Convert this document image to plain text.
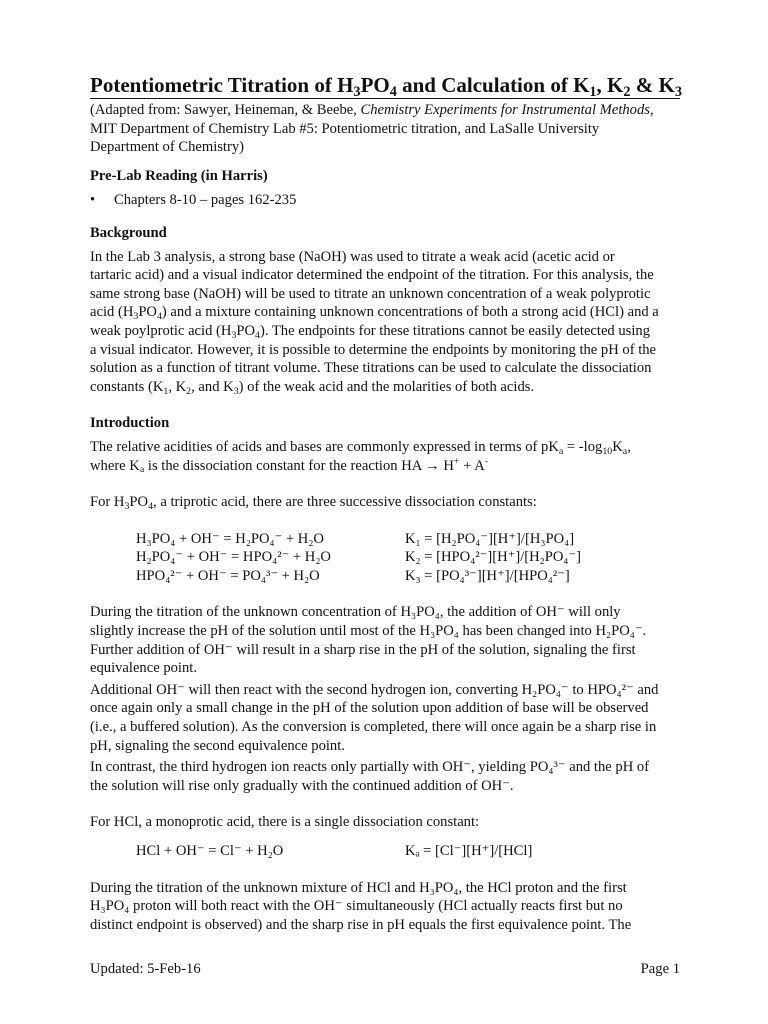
Potentiometric Titration of $H_3PO_4$ and Calculation of $K_1$, $K_2$ & $K_3$

(Adapted from: Sawyer, Heineman, & Beebe, Chemistry Experiments for Instrumental Methods,
MIT Department of Chemistry Lab #5: Potentiometric titration, and LaSalle University
Department of Chemistry)

Pre-Lab Reading (in Harris)

•	Chapters 8-10 – pages 162-235

Background

In the Lab 3 analysis, a strong base (NaOH) was used to titrate a weak acid (acetic acid or
tartaric acid) and a visual indicator determined the endpoint of the titration. For this analysis, the
same strong base (NaOH) will be used to titrate an unknown concentration of a weak polyprotic
acid $(H_3PO_4)$ and a mixture containing unknown concentrations of both a strong acid (HCl) and a
weak poylprotic acid $(H_3PO_4)$. The endpoints for these titrations cannot be easily detected using
a visual indicator. However, it is possible to determine the endpoints by monitoring the pH of the
solution as a function of titrant volume. These titrations can be used to calculate the dissociation
constants ($K_1$, $K_2$, and $K_3$) of the weak acid and the molarities of both acids.

Introduction

The relative acidities of acids and bases are commonly expressed in terms of $pK_a = -\log_{10}K_a$,
where $K_a$ is the dissociation constant for the reaction HA → H+ + A-

For $H_3PO_4$, a triprotic acid, there are three successive dissociation constants:

H₃PO₄ + OH⁻ = H₂PO₄⁻ + H₂O	K₁ = [H₂PO₄⁻][H⁺]/[H₃PO₄]
H₂PO₄⁻ + OH⁻ = HPO₄²⁻ + H₂O	K₂ = [HPO₄²⁻][H⁺]/[H₂PO₄⁻]
HPO₄²⁻ + OH⁻ = PO₄³⁻ + H₂O	K₃ = [PO₄³⁻][H⁺]/[HPO₄²⁻]

During the titration of the unknown concentration of H₃PO₄, the addition of OH⁻ will only
slightly increase the pH of the solution until most of the H₃PO₄ has been changed into H₂PO₄⁻.
Further addition of OH⁻ will result in a sharp rise in the pH of the solution, signaling the first
equivalence point.

Additional OH⁻ will then react with the second hydrogen ion, converting H₂PO₄⁻ to HPO₄²⁻ and
once again only a small change in the pH of the solution upon addition of base will be observed
(i.e., a buffered solution). As the conversion is completed, there will once again be a sharp rise in
pH, signaling the second equivalence point.

In contrast, the third hydrogen ion reacts only partially with OH⁻, yielding PO₄³⁻ and the pH of
the solution will rise only gradually with the continued addition of OH⁻.

For HCl, a monoprotic acid, there is a single dissociation constant:

HCl + OH⁻ = Cl⁻ + H₂O	Kₐ = [Cl⁻][H⁺]/[HCl]

During the titration of the unknown mixture of HCl and H₃PO₄, the HCl proton and the first
H₃PO₄ proton will both react with the OH⁻ simultaneously (HCl actually reacts first but no
distinct endpoint is observed) and the sharp rise in pH equals the first equivalence point. The

Updated: 5-Feb-16	Page 1
